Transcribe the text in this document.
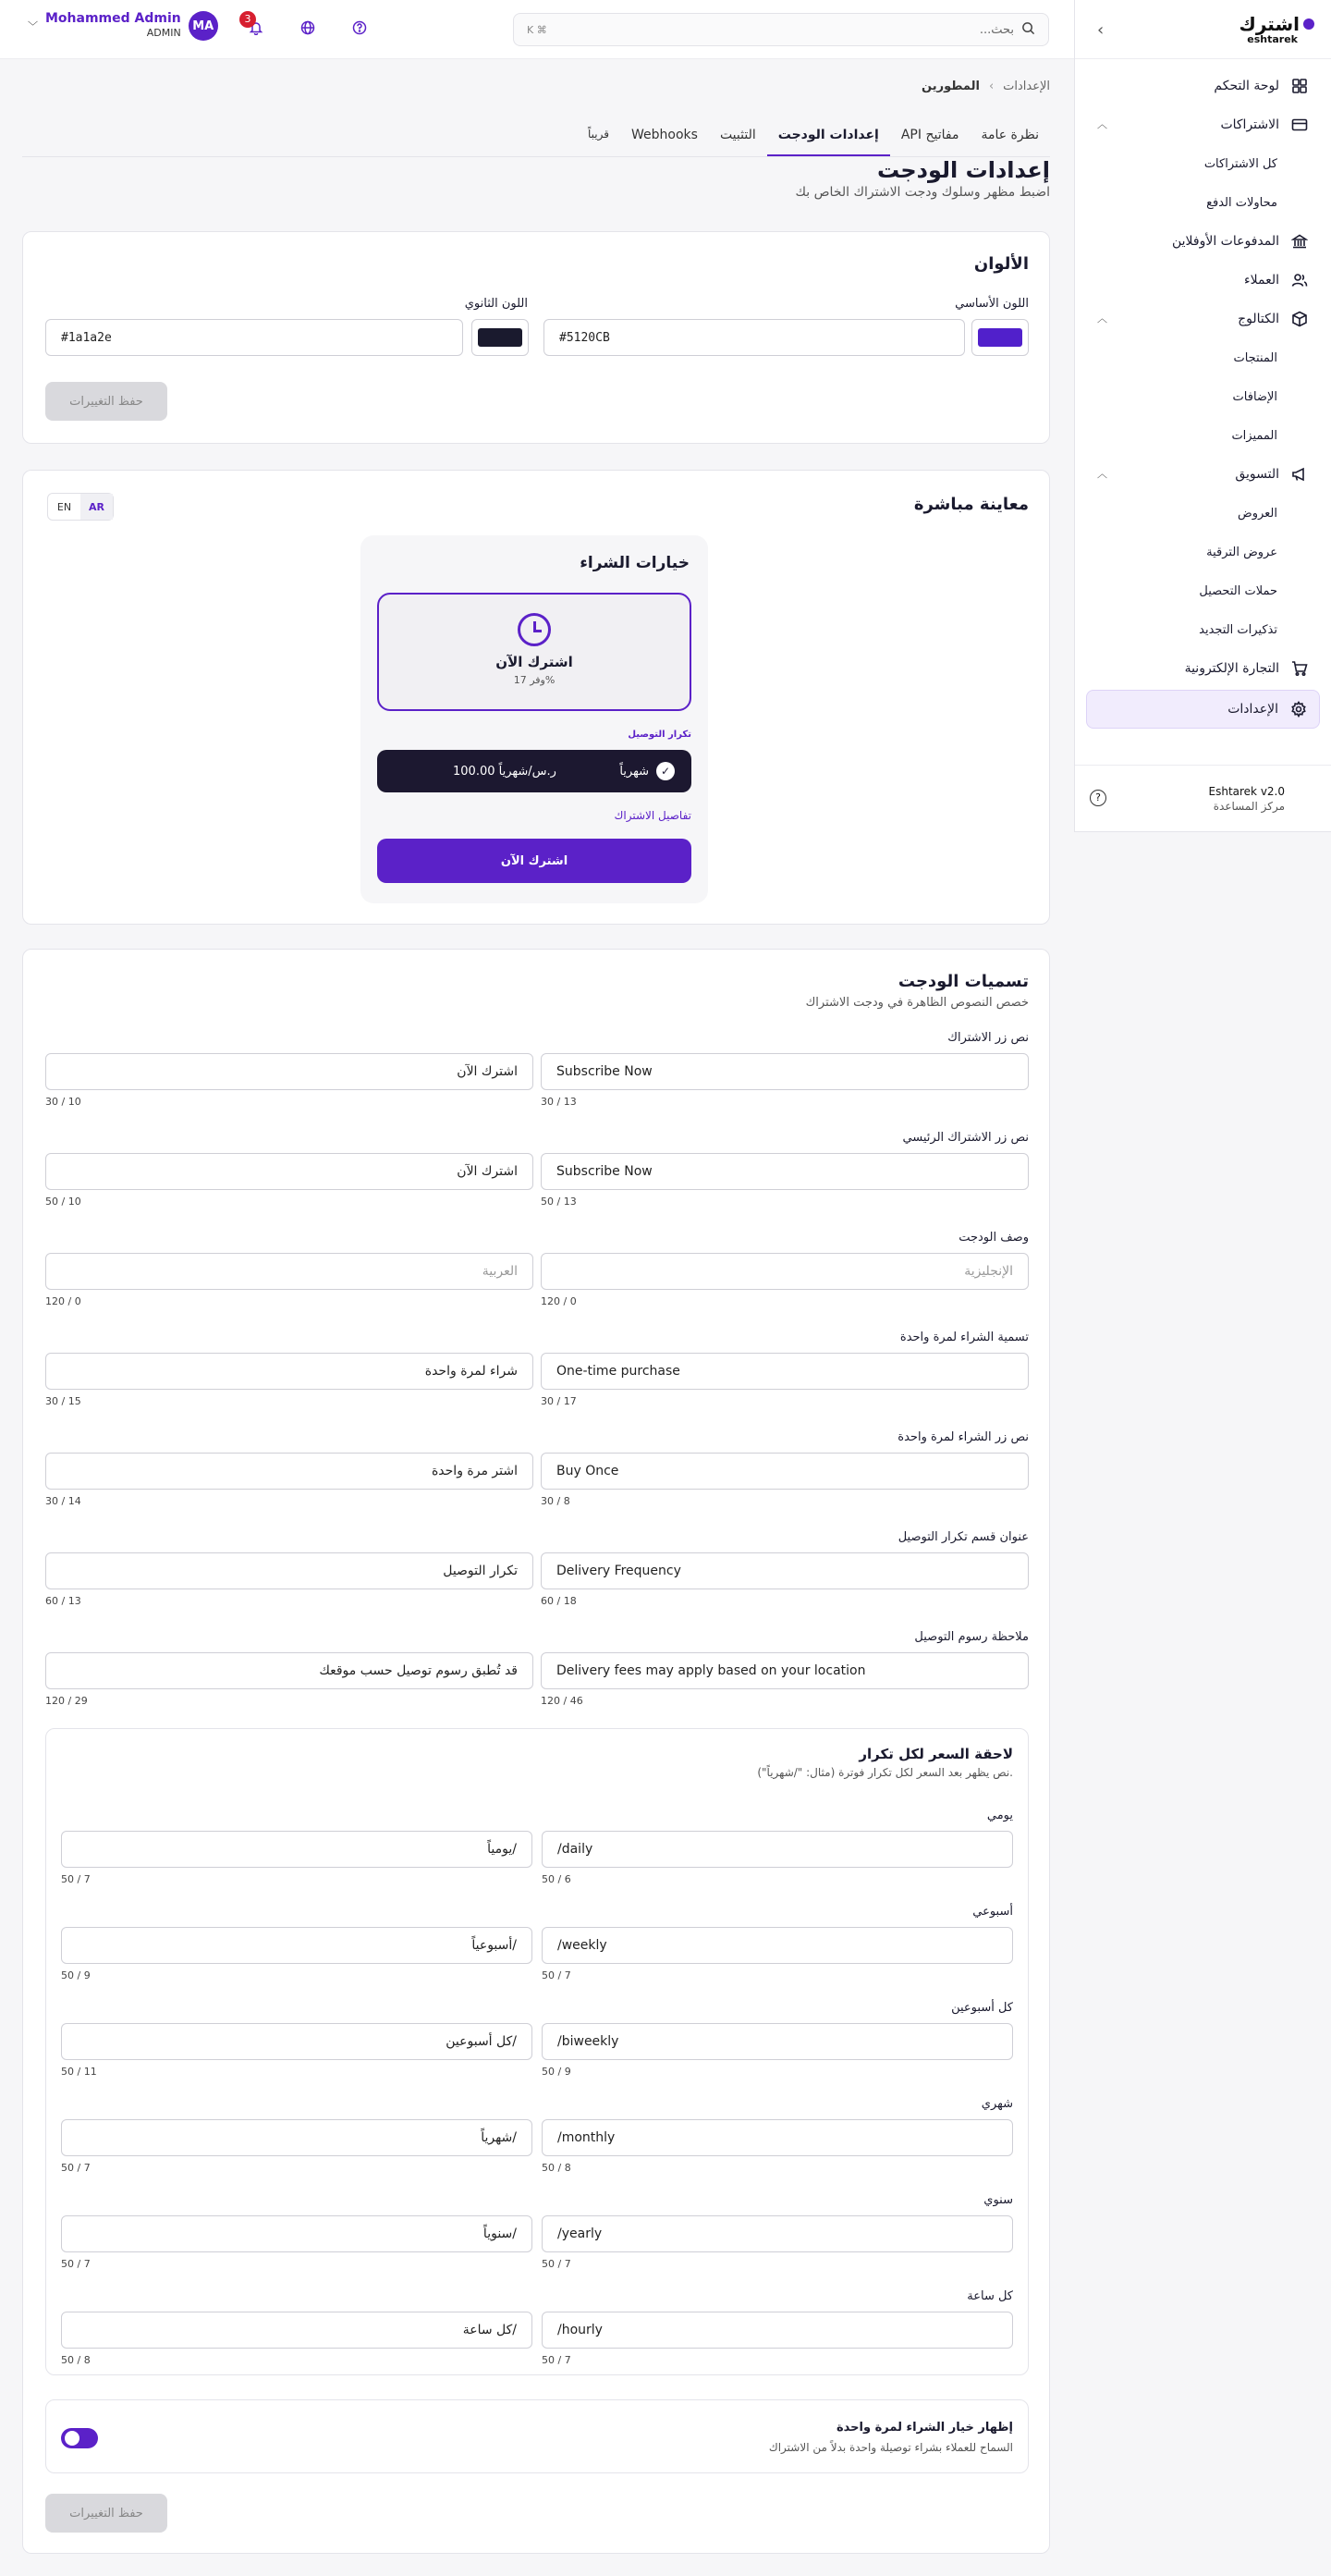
اشترك
eshtarek
‹
لوحة التحكم
︿	الاشتراكات
كل الاشتراكات
محاولات الدفع
المدفوعات الأوفلاين
العملاء
︿	الكتالوج
المنتجات
الإضافات
المميزات
︿	التسويق
العروض
عروض الترقية
حملات التحصيل
تذكيرات التجديد
التجارة الإلكترونية
الإعدادات
Eshtarek v2.0
مركز المساعدة
?
K ⌘	بحث...
3
﹀
Mohammed Admin
ADMIN MA
الإعدادات
›
المطورين
نظرة عامة
مفاتيح API
إعدادات الودجت
التثبيت
Webhooks
قريباً
إعدادات الودجت

اضبط مظهر وسلوك ودجت الاشتراك الخاص بك

الألوان
اللون الأساسي
#5120CB
اللون الثانوي
#1a1a2e
حفظ التغييرات
معاينة مباشرة
EN	AR
خيارات الشراء
اشترك الآن
وفر 17%
تكرار التوصيل
100.00 ر.س/شهرياً	شهرياً	✓
تفاصيل الاشتراك
اشترك الآن
تسميات الودجت
خصص النصوص الظاهرة في ودجت الاشتراك
نص زر الاشتراك
Subscribe Now
30 / 13
اشترك الآن
30 / 10
نص زر الاشتراك الرئيسي
Subscribe Now
50 / 13
اشترك الآن
50 / 10
وصف الودجت
الإنجليزية
120 / 0
العربية
120 / 0
تسمية الشراء لمرة واحدة
One-time purchase
30 / 17
شراء لمرة واحدة
30 / 15
نص زر الشراء لمرة واحدة
Buy Once
30 / 8
اشتر مرة واحدة
30 / 14
عنوان قسم تكرار التوصيل
Delivery Frequency
60 / 18
تكرار التوصيل
60 / 13
ملاحظة رسوم التوصيل
Delivery fees may apply based on your location
120 / 46
قد تُطبق رسوم توصيل حسب موقعك
120 / 29
لاحقة السعر لكل تكرار
نص يظهر بعد السعر لكل تكرار فوترة (مثال: "/شهرياً").
يومي
/daily
50 / 6
/يومياً
50 / 7
أسبوعي
/weekly
50 / 7
/أسبوعياً
50 / 9
كل أسبوعين
/biweekly
50 / 9
/كل أسبوعين
50 / 11
شهري
/monthly
50 / 8
/شهرياً
50 / 7
سنوي
/yearly
50 / 7
/سنوياً
50 / 7
كل ساعة
/hourly
50 / 7
/كل ساعة
50 / 8
إظهار خيار الشراء لمرة واحدة
السماح للعملاء بشراء توصيلة واحدة بدلاً من الاشتراك
حفظ التغييرات
